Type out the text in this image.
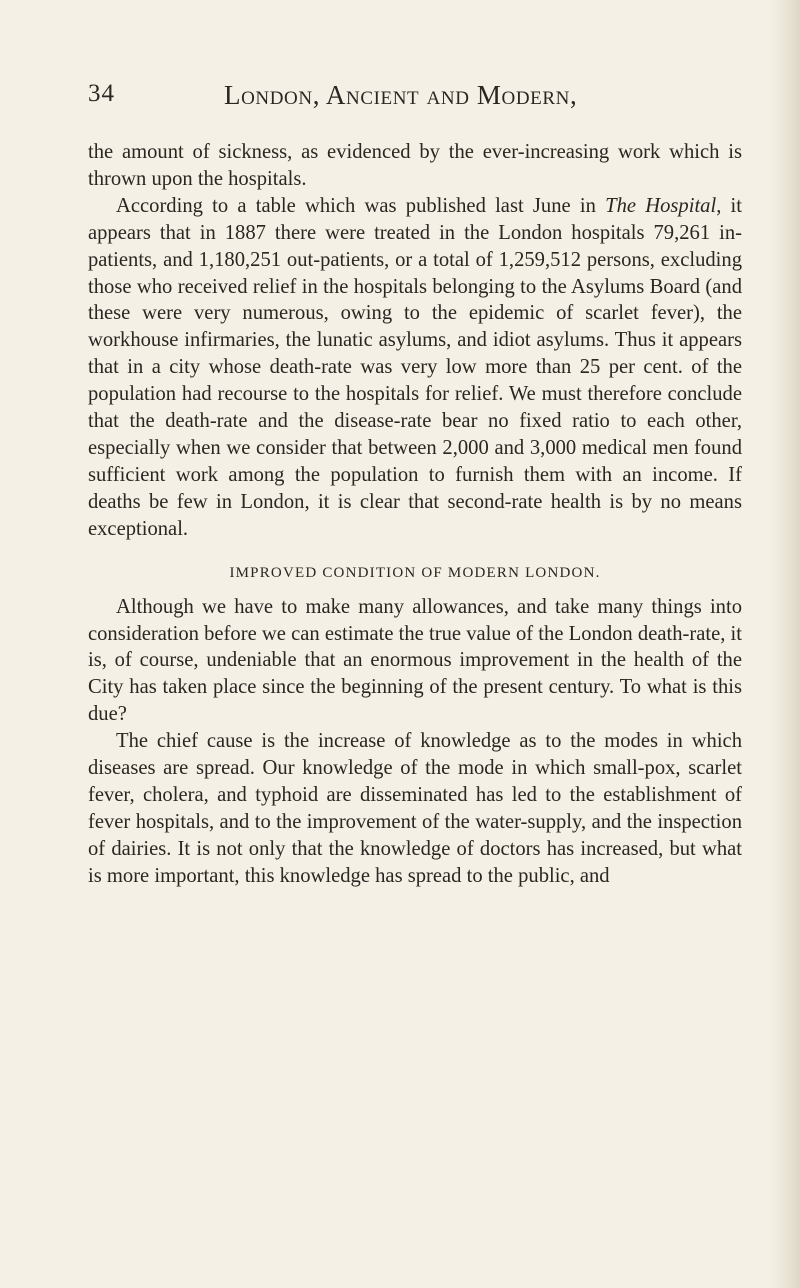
34	London, Ancient and Modern,

the amount of sickness, as evidenced by the ever-increasing work which is thrown upon the hospitals.

According to a table which was published last June in The Hospital, it appears that in 1887 there were treated in the London hospitals 79,261 in-patients, and 1,180,251 out-patients, or a total of 1,259,512 persons, excluding those who received relief in the hospitals belonging to the Asylums Board (and these were very numerous, owing to the epidemic of scarlet fever), the workhouse infirmaries, the lunatic asylums, and idiot asylums. Thus it appears that in a city whose death-rate was very low more than 25 per cent. of the population had recourse to the hospitals for relief. We must therefore conclude that the death-rate and the disease-rate bear no fixed ratio to each other, especially when we consider that between 2,000 and 3,000 medical men found sufficient work among the population to furnish them with an income. If deaths be few in London, it is clear that second-rate health is by no means exceptional.

IMPROVED CONDITION OF MODERN LONDON.

Although we have to make many allowances, and take many things into consideration before we can estimate the true value of the London death-rate, it is, of course, undeniable that an enormous improvement in the health of the City has taken place since the beginning of the present century. To what is this due?

The chief cause is the increase of knowledge as to the modes in which diseases are spread. Our knowledge of the mode in which small-pox, scarlet fever, cholera, and typhoid are disseminated has led to the establishment of fever hospitals, and to the improvement of the water-supply, and the inspection of dairies. It is not only that the knowledge of doctors has increased, but what is more important, this knowledge has spread to the public, and
